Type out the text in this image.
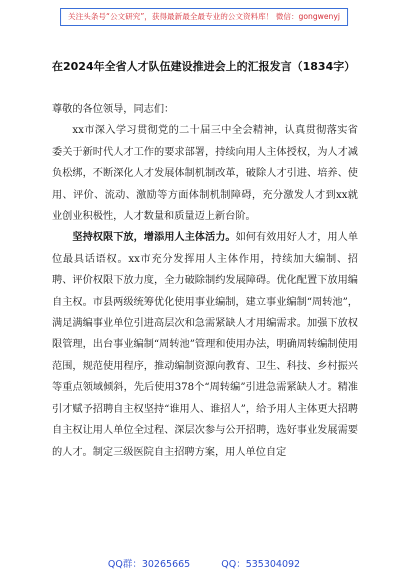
关注头条号“公文研究”，获得最新最全最专业的公文资料库！ 微信：gongwenyj
在2024年全省人才队伍建设推进会上的汇报发言（1834字）

尊敬的各位领导，同志们：

xx市深入学习贯彻党的二十届三中全会精神，认真贯彻落实省委关于新时代人才工作的要求部署，持续向用人主体授权，为人才减负松绑，不断深化人才发展体制机制改革，破除人才引进、培养、使用、评价、流动、激励等方面体制机制障碍，充分激发人才到xx就业创业积极性，人才数量和质量迈上新台阶。

坚持权限下放，增添用人主体活力。如何有效用好人才，用人单位最具话语权。xx市充分发挥用人主体作用，持续加大编制、招聘、评价权限下放力度，全力破除制约发展障碍。优化配置下放用编自主权。市县两级统筹优化使用事业编制，建立事业编制“周转池”，满足满编事业单位引进高层次和急需紧缺人才用编需求。加强下放权限管理，出台事业编制“周转池”管理和使用办法，明确周转编制使用范围，规范使用程序，推动编制资源向教育、卫生、科技、乡村振兴等重点领域倾斜，先后使用378个“周转编”引进急需紧缺人才。精准引才赋予招聘自主权坚持“谁用人、谁招人”，给予用人主体更大招聘自主权让用人单位全过程、深层次参与公开招聘，选好事业发展需要的人才。制定三级医院自主招聘方案，用人单位自定

QQ群：30265665	QQ：535304092
